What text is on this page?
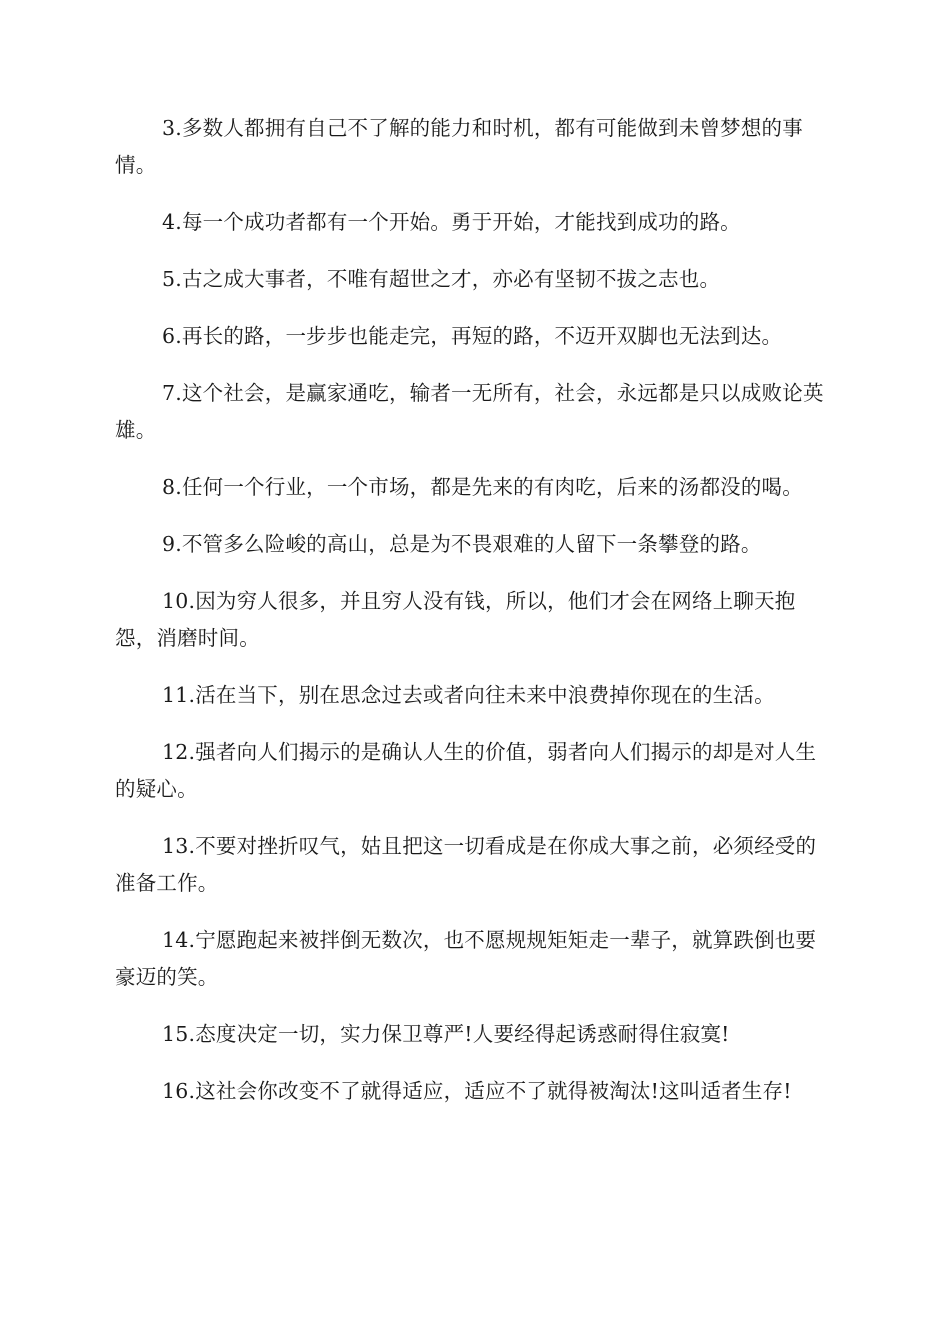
3.多数人都拥有自己不了解的能力和时机，都有可能做到未曾梦想的事情。

4.每一个成功者都有一个开始。勇于开始，才能找到成功的路。

5.古之成大事者，不唯有超世之才，亦必有坚韧不拔之志也。

6.再长的路，一步步也能走完，再短的路，不迈开双脚也无法到达。

7.这个社会，是赢家通吃，输者一无所有，社会，永远都是只以成败论英雄。

8.任何一个行业，一个市场，都是先来的有肉吃，后来的汤都没的喝。

9.不管多么险峻的高山，总是为不畏艰难的人留下一条攀登的路。

10.因为穷人很多，并且穷人没有钱，所以，他们才会在网络上聊天抱怨，消磨时间。

11.活在当下，别在思念过去或者向往未来中浪费掉你现在的生活。

12.强者向人们揭示的是确认人生的价值，弱者向人们揭示的却是对人生的疑心。

13.不要对挫折叹气，姑且把这一切看成是在你成大事之前，必须经受的准备工作。

14.宁愿跑起来被拌倒无数次，也不愿规规矩矩走一辈子，就算跌倒也要豪迈的笑。

15.态度决定一切，实力保卫尊严!人要经得起诱惑耐得住寂寞!

16.这社会你改变不了就得适应，适应不了就得被淘汰!这叫适者生存!
